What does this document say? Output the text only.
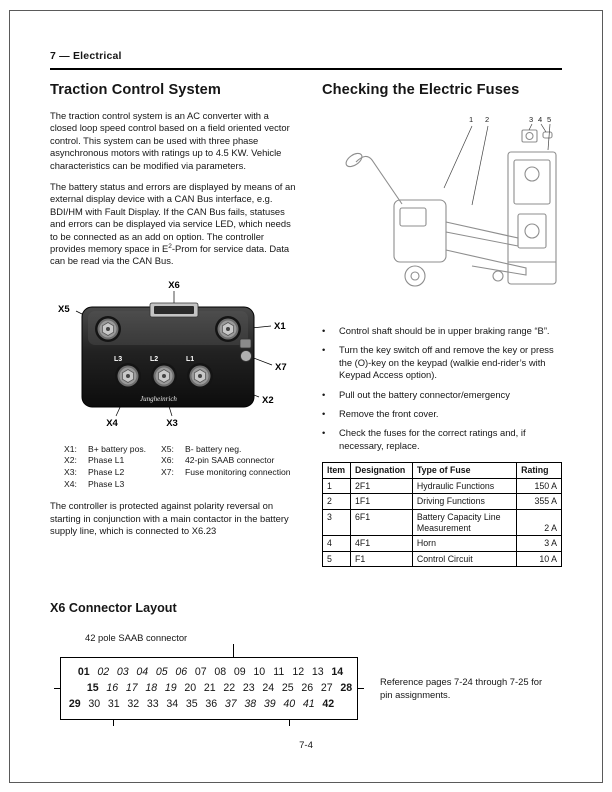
7 — Electrical
Traction Control System

The traction control system is an AC converter with a closed loop speed control based on a field oriented vector control. This system can be used with three phase asynchronous motors with ratings up to 4.5 KW. Vehicle characteristics can be modified via parameters.

The battery status and errors are displayed by means of an external display device with a CAN Bus interface, e.g. BDI/HM with Fault Display. If the CAN Bus fails, statuses and errors can be displayed via service LED, which needs to be connected as an add on option. The controller provides memory space in $E^2$-Prom for service data. Data can be read via the CAN Bus.

L3	L2	L1
Jungheinrich
X6
X5
X1
X7
X2
X3
X4
X1:	B+ battery pos.
X2:	Phase L1
X3:	Phase L2
X4:	Phase L3
X5:	B- battery neg.
X6:	42-pin SAAB connector
X7:	Fuse monitoring connection

The controller is protected against polarity reversal on starting in conjunction with a main contactor in the battery supply line, which is connected to X6.23

Checking the Electric Fuses
1 2	3 4 5
•
Control shaft should be in upper braking range “B”.
•
Turn the key switch off and remove the key or press the (O)-key on the keypad (walkie end-rider’s with Keypad Access option).
•
Pull out the battery connector/emergency
•
Remove the front cover.
•
Check the fuses for the correct ratings and, if necessary, replace.
Item	Designation	Type of Fuse	Rating
1	2F1	Hydraulic Functions	150 A
2	1F1	Driving Functions	355 A
3	6F1	Battery Capacity Line Measurement	2 A
4	4F1	Horn	3 A
5	F1	Control Circuit	10 A
X6 Connector Layout
42 pole SAAB connector
01 02 03 04 05 06 07 08 09 10 11 12 13 14
15 16 17 18 19 20 21 22 23 24 25 26 27 28
29 30 31 32 33 34 35 36 37 38 39 40 41 42
Reference pages 7-24 through 7-25 for pin assignments.
7-4
